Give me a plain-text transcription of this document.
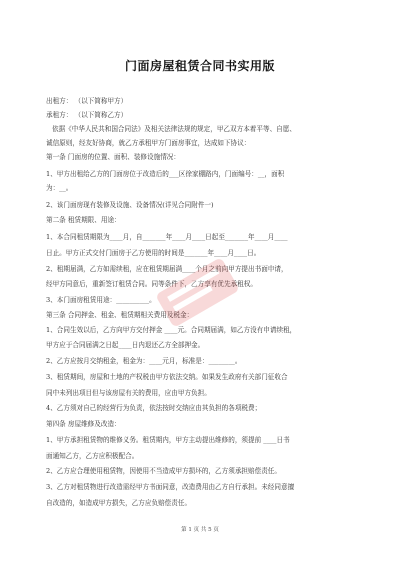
门面房屋租赁合同书实用版
出租方： （以下简称甲方）
承租方： （以下简称乙方）
依据《中华人民共和国合同法》及相关法律法规的规定，甲乙双方本着平等、自愿、
诚信原则，经友好协商，就乙方承租甲方门面房事宜，达成如下协议：
第一条 门面房的位置、面积、装修设施情况：
1、甲方出租给乙方的门面房位于改造后的___区徐家棚路内，门面编号：__，面积
为：__。
2、该门面房现有装修及设施、设备情况(详见合同附件一)
第二条 租赁期限、用途：
1、本合同租赁期限为____月，自_______年____月____日起至_______年____月____
日止。甲方正式交付门面房于乙方使用的时间是_______年____月____日。
2、租期届满，乙方如需续租，应在租赁期届满____个月之前向甲方提出书面申请，
经甲方同意后，重新签订租赁合同。同等条件下，乙方享有优先承租权。
3、本门面房租赁用途：__________。
第三条 合同押金、租金、租赁期相关费用及税金：
1、合同生效以后，乙方向甲方交付押金 ____元。合同期届满，如乙方没有申请续租，
甲方应于合同届满之日起____日内退还乙方全部押金。
2、乙方应按月交纳租金，租金为：____元月，标准是：________。
3、租赁期间，房屋和土地的产权税由甲方依法交纳。如果发生政府有关部门征收合
同中未列出项目但与该房屋有关的费用，应由甲方负担。
4、乙方须对自己的经营行为负责，依法按时交纳应由其负担的各项税费；
第四条 房屋维修及改造：
1、甲方承担租赁物的维修义务。租赁期内，甲方主动提出维修的，须提前 ____日书
面通知乙方，乙方应积极配合。
2、乙方应合理使用租赁物，因使用不当造成甲方损坏的，乙方须承担赔偿责任。
3、乙方对租赁物进行改造需经甲方书面同意，改造费用由乙方自行承担。未经同意擅
自改造的，如造成甲方损失，乙方应负赔偿责任。
第 1 页 共 5 页
